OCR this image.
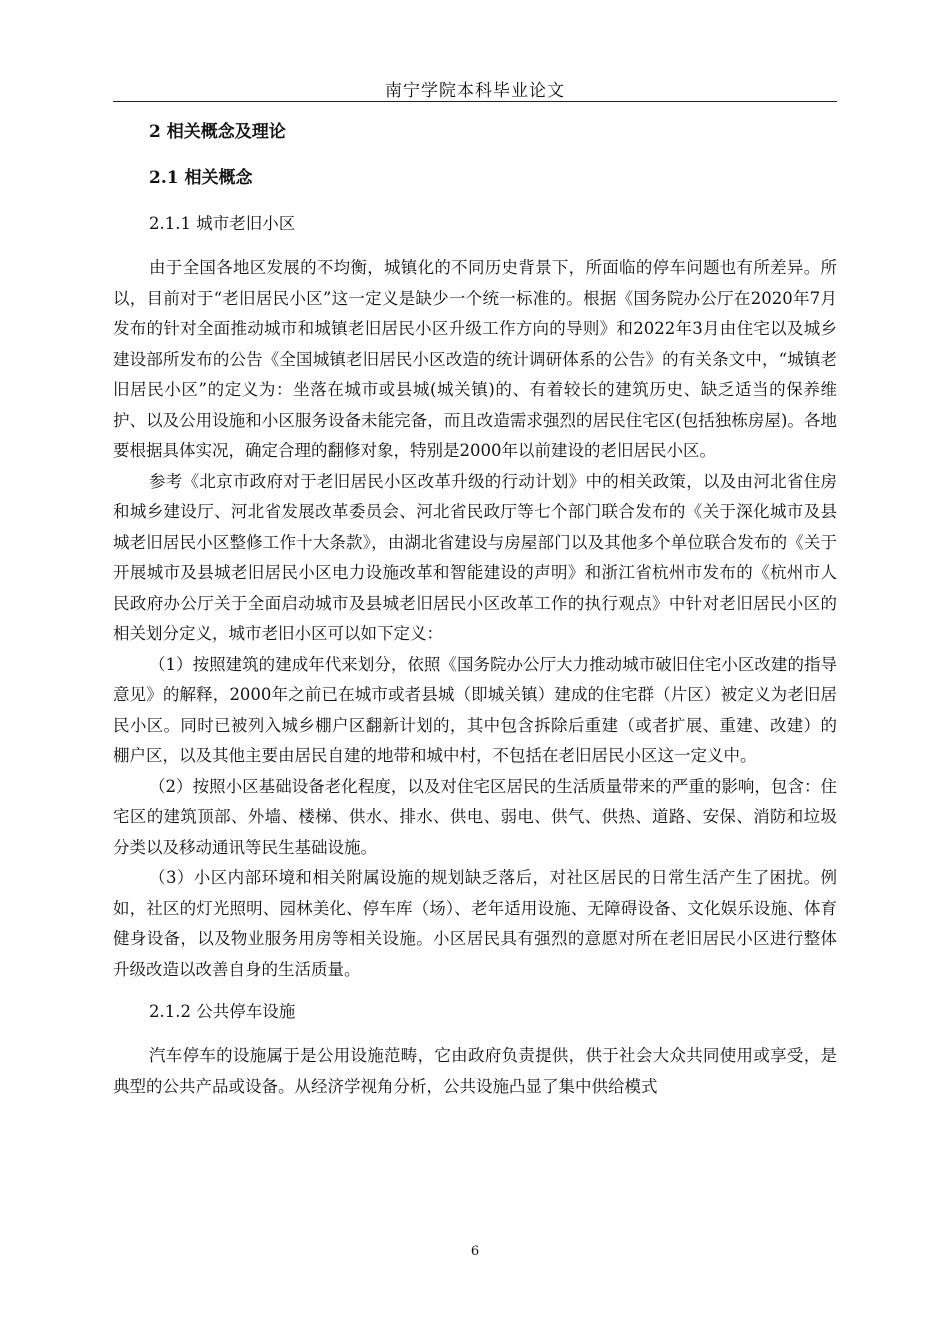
南宁学院本科毕业论文
2 相关概念及理论
2.1 相关概念
2.1.1 城市老旧小区

由于全国各地区发展的不均衡，城镇化的不同历史背景下，所面临的停车问题也有所差异。所以，目前对于“老旧居民小区”这一定义是缺少一个统一标准的。根据《国务院办公厅在2020年7月发布的针对全面推动城市和城镇老旧居民小区升级工作方向的导则》和2022年3月由住宅以及城乡建设部所发布的公告《全国城镇老旧居民小区改造的统计调研体系的公告》的有关条文中，“城镇老旧居民小区”的定义为：坐落在城市或县城(城关镇)的、有着较长的建筑历史、缺乏适当的保养维护、以及公用设施和小区服务设备未能完备，而且改造需求强烈的居民住宅区(包括独栋房屋)。各地要根据具体实况，确定合理的翻修对象，特别是2000年以前建设的老旧居民小区。

参考《北京市政府对于老旧居民小区改革升级的行动计划》中的相关政策，以及由河北省住房和城乡建设厅、河北省发展改革委员会、河北省民政厅等七个部门联合发布的《关于深化城市及县城老旧居民小区整修工作十大条款》，由湖北省建设与房屋部门以及其他多个单位联合发布的《关于开展城市及县城老旧居民小区电力设施改革和智能建设的声明》和浙江省杭州市发布的《杭州市人民政府办公厅关于全面启动城市及县城老旧居民小区改革工作的执行观点》中针对老旧居民小区的相关划分定义，城市老旧小区可以如下定义：

（1）按照建筑的建成年代来划分，依照《国务院办公厅大力推动城市破旧住宅小区改建的指导意见》的解释，2000年之前已在城市或者县城（即城关镇）建成的住宅群（片区）被定义为老旧居民小区。同时已被列入城乡棚户区翻新计划的，其中包含拆除后重建（或者扩展、重建、改建）的棚户区，以及其他主要由居民自建的地带和城中村，不包括在老旧居民小区这一定义中。

（2）按照小区基础设备老化程度，以及对住宅区居民的生活质量带来的严重的影响，包含：住宅区的建筑顶部、外墙、楼梯、供水、排水、供电、弱电、供气、供热、道路、安保、消防和垃圾分类以及移动通讯等民生基础设施。

（3）小区内部环境和相关附属设施的规划缺乏落后，对社区居民的日常生活产生了困扰。例如，社区的灯光照明、园林美化、停车库（场）、老年适用设施、无障碍设备、文化娱乐设施、体育健身设备，以及物业服务用房等相关设施。小区居民具有强烈的意愿对所在老旧居民小区进行整体升级改造以改善自身的生活质量。

2.1.2 公共停车设施

汽车停车的设施属于是公用设施范畴，它由政府负责提供，供于社会大众共同使用或享受，是典型的公共产品或设备。从经济学视角分析，公共设施凸显了集中供给模式

6
